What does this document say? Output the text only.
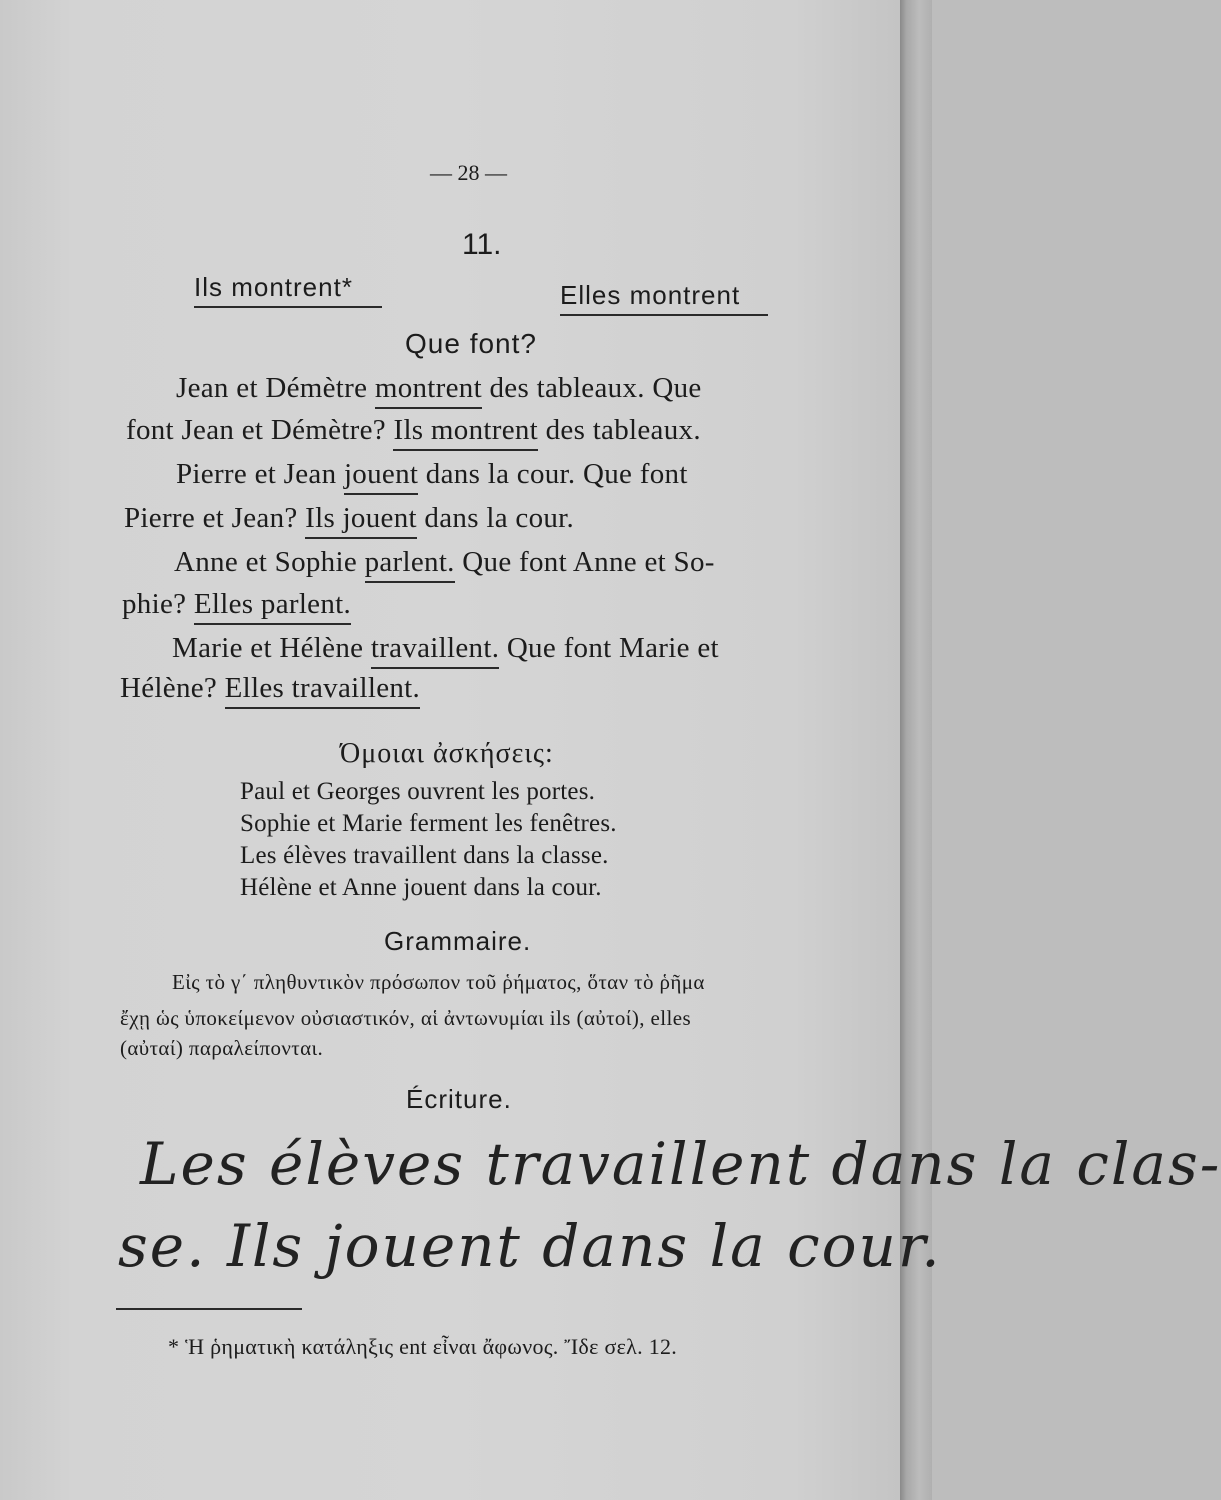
— 28 —
11.
Ils montrent*	Elles montrent
Que font?
Jean et Démètre montrent des tableaux. Que
font Jean et Démètre? Ils montrent des tableaux.
Pierre et Jean jouent dans la cour. Que font
Pierre et Jean? Ils jouent dans la cour.
Anne et Sophie parlent. Que font Anne et So-
phie? Elles parlent.
Marie et Hélène travaillent. Que font Marie et
Hélène? Elles travaillent.
Όμοιαι ἀσκήσεις:
Paul et Georges ouvrent les portes.
Sophie et Marie ferment les fenêtres.
Les élèves travaillent dans la classe.
Hélène et Anne jouent dans la cour.
Grammaire.
Εἰς τὸ γ΄ πληθυντικὸν πρόσωπον τοῦ ῥήματος, ὅταν τὸ ῥῆμα
ἔχῃ ὡς ὑποκείμενον οὐσιαστικόν, αἱ ἀντωνυμίαι ils (αὐτοί), elles
(αὐταί) παραλείπονται.
Écriture.
Les élèves travaillent dans la clas-
se. Ils jouent dans la cour.
* Ἡ ῥηματικὴ κατάληξις ent εἶναι ἄφωνος. Ἴδε σελ. 12.
